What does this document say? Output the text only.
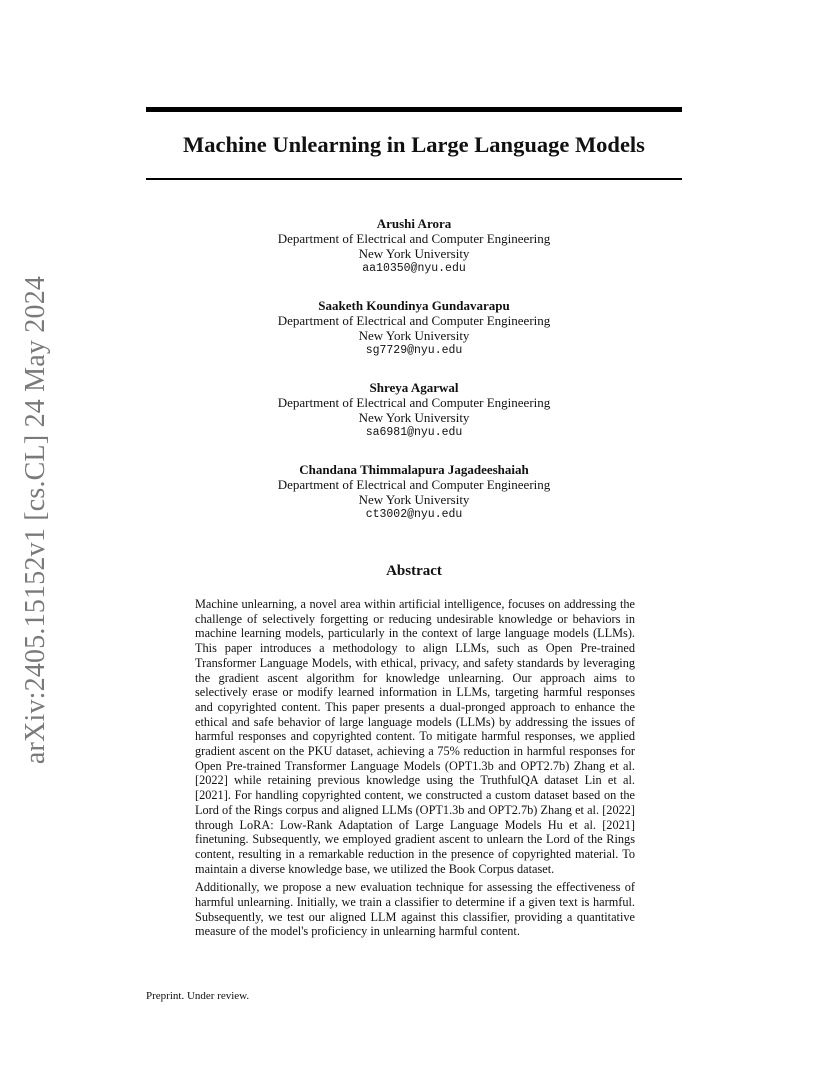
arXiv:2405.15152v1 [cs.CL] 24 May 2024
Machine Unlearning in Large Language Models
Arushi Arora
Department of Electrical and Computer Engineering
New York University
aa10350@nyu.edu
Saaketh Koundinya Gundavarapu
Department of Electrical and Computer Engineering
New York University
sg7729@nyu.edu
Shreya Agarwal
Department of Electrical and Computer Engineering
New York University
sa6981@nyu.edu
Chandana Thimmalapura Jagadeeshaiah
Department of Electrical and Computer Engineering
New York University
ct3002@nyu.edu
Abstract

Machine unlearning, a novel area within artificial intelligence, focuses on addressing the challenge of selectively forgetting or reducing undesirable knowledge or behaviors in machine learning models, particularly in the context of large language models (LLMs). This paper introduces a methodology to align LLMs, such as Open Pre-trained Transformer Language Models, with ethical, privacy, and safety standards by leveraging the gradient ascent algorithm for knowledge unlearning. Our approach aims to selectively erase or modify learned information in LLMs, targeting harmful responses and copyrighted content. This paper presents a dual-pronged approach to enhance the ethical and safe behavior of large language models (LLMs) by addressing the issues of harmful responses and copyrighted content. To mitigate harmful responses, we applied gradient ascent on the PKU dataset, achieving a 75% reduction in harmful responses for Open Pre-trained Transformer Language Models (OPT1.3b and OPT2.7b) Zhang et al. [2022] while retaining previous knowledge using the TruthfulQA dataset Lin et al. [2021]. For handling copyrighted content, we constructed a custom dataset based on the Lord of the Rings corpus and aligned LLMs (OPT1.3b and OPT2.7b) Zhang et al. [2022] through LoRA: Low-Rank Adaptation of Large Language Models Hu et al. [2021] finetuning. Subsequently, we employed gradient ascent to unlearn the Lord of the Rings content, resulting in a remarkable reduction in the presence of copyrighted material. To maintain a diverse knowledge base, we utilized the Book Corpus dataset.

Additionally, we propose a new evaluation technique for assessing the effectiveness of harmful unlearning. Initially, we train a classifier to determine if a given text is harmful. Subsequently, we test our aligned LLM against this classifier, providing a quantitative measure of the model's proficiency in unlearning harmful content.

Preprint. Under review.
